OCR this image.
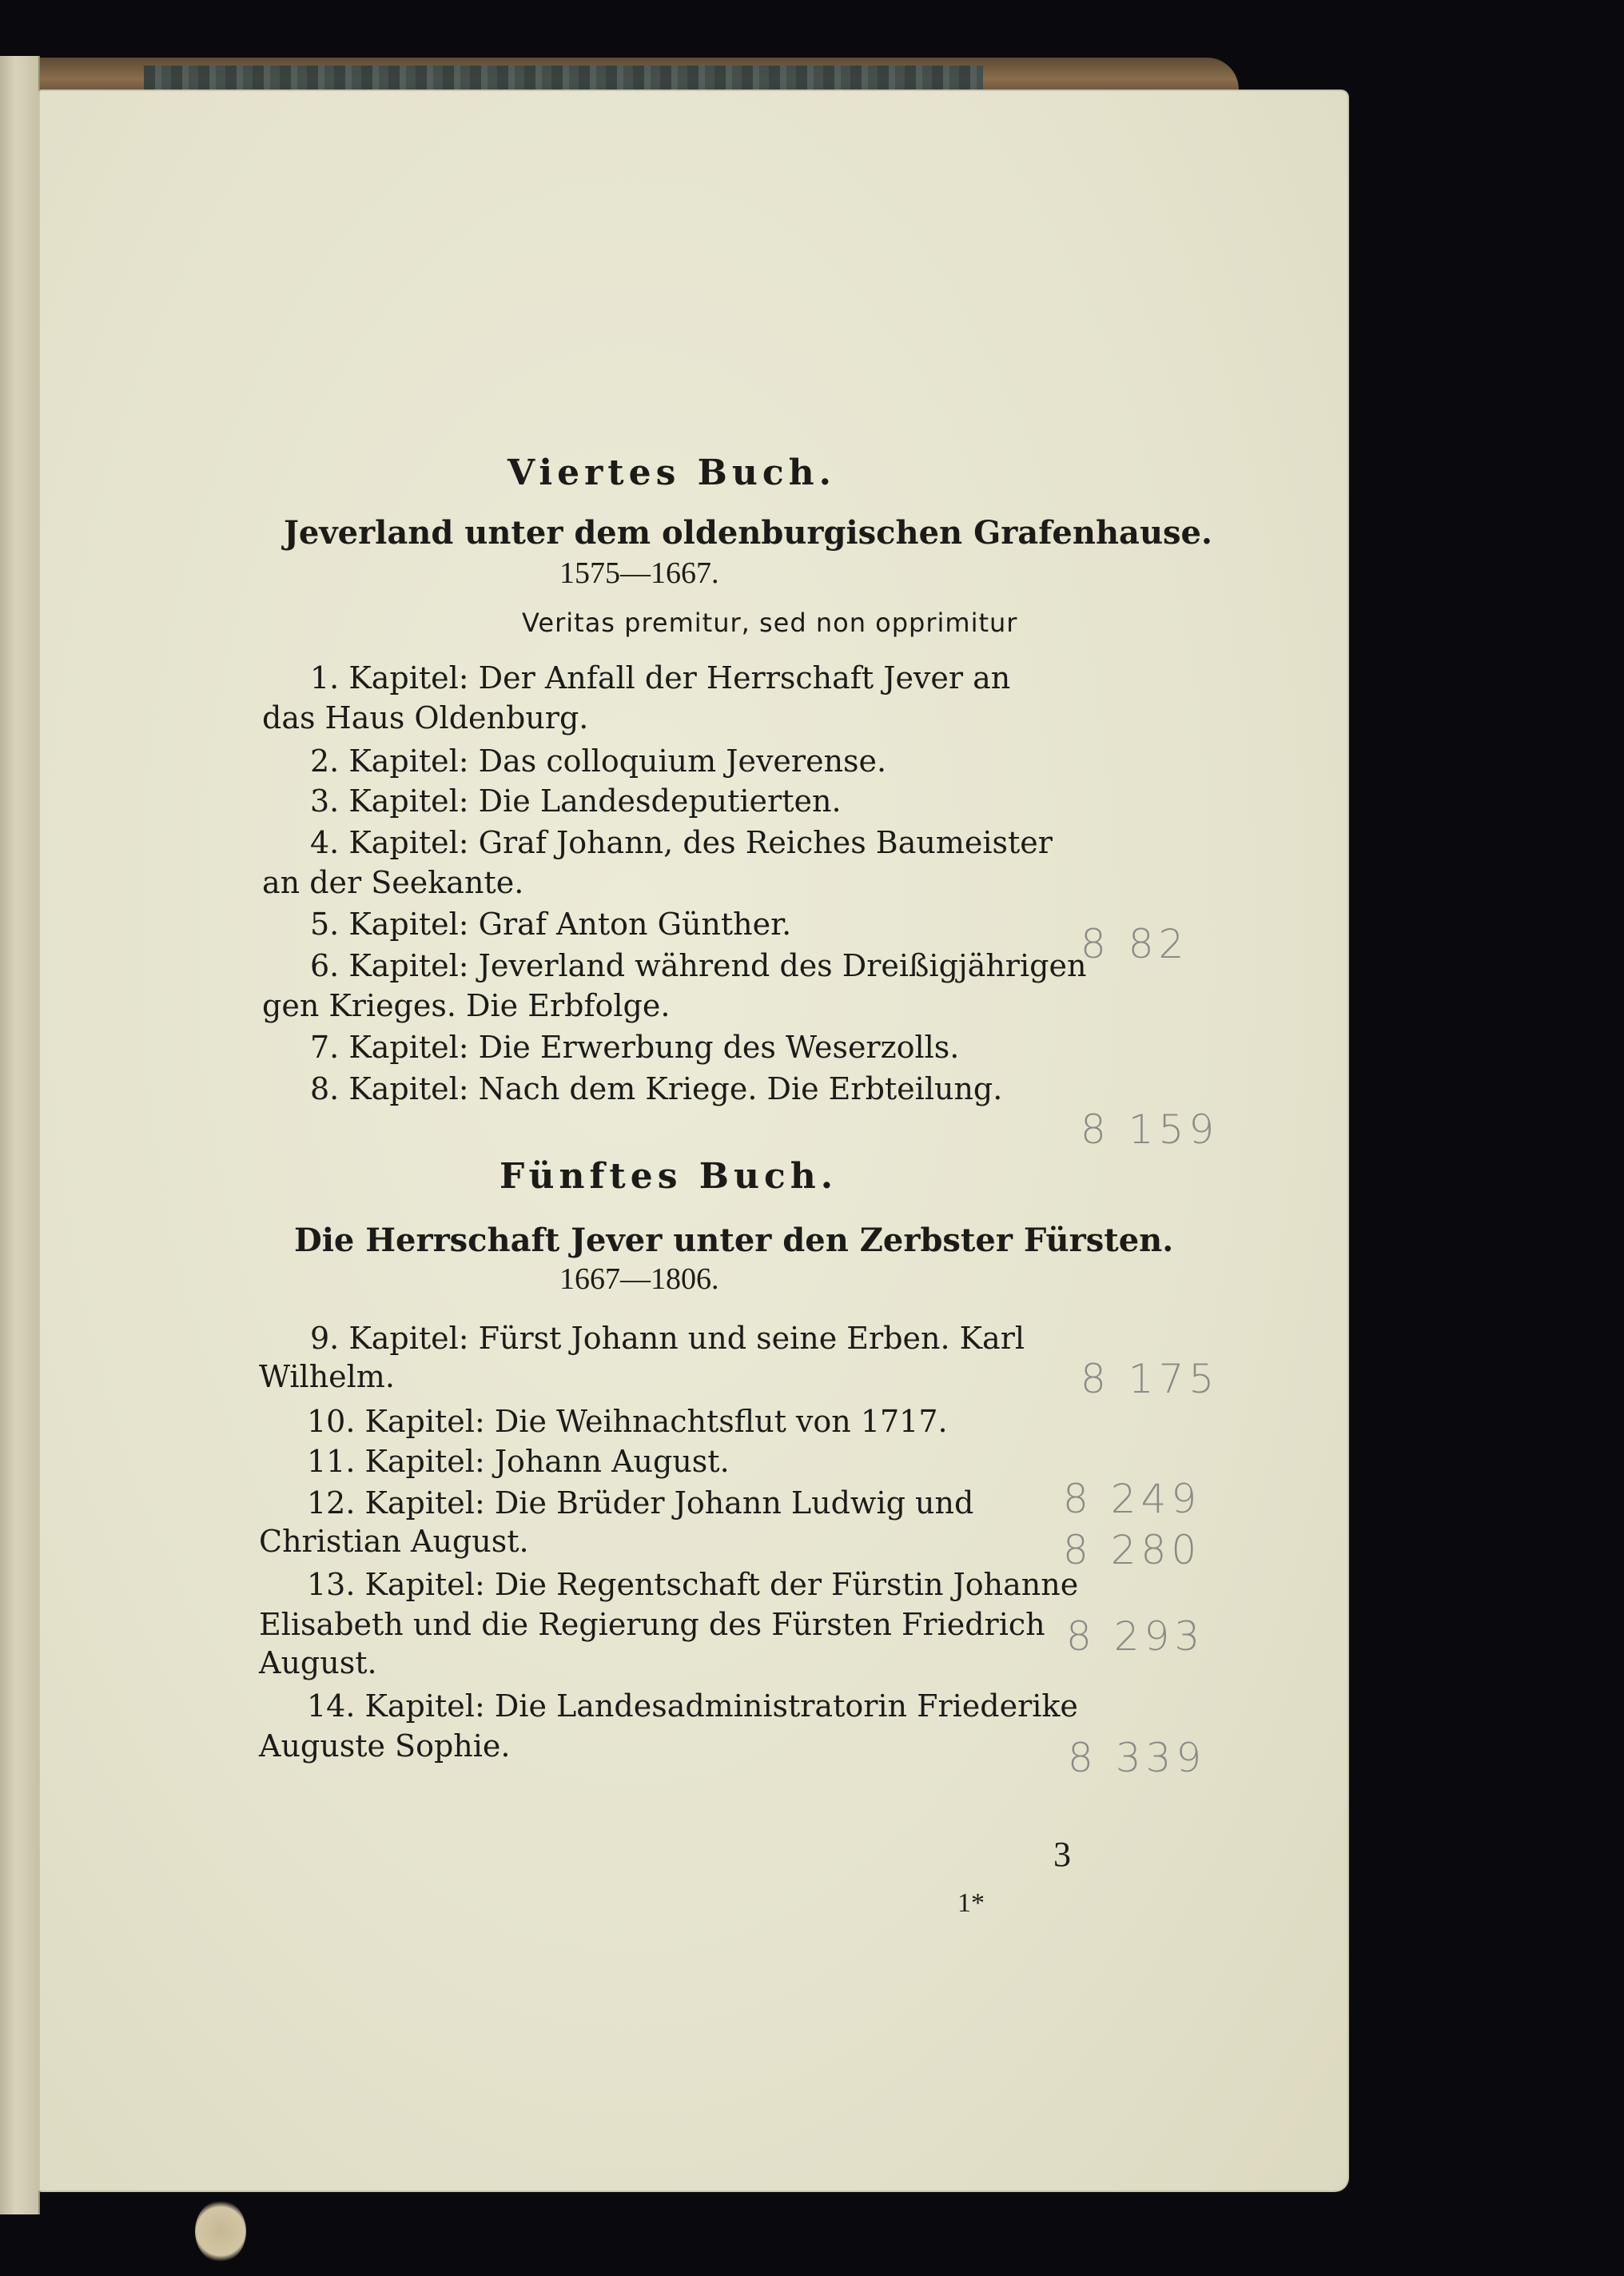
Viertes Buch.

Jeverland unter dem oldenburgischen Grafenhause.

1575—1667.

Veritas premitur, sed non opprimitur

1. Kapitel: Der Anfall der Herrschaft Jever an

das Haus Oldenburg.

2. Kapitel: Das colloquium Jeverense.

3. Kapitel: Die Landesdeputierten.

4. Kapitel: Graf Johann, des Reiches Baumeister

an der Seekante.

5. Kapitel: Graf Anton Günther.

6. Kapitel: Jeverland während des Dreißigjährigen

gen Krieges. Die Erbfolge.

7. Kapitel: Die Erwerbung des Weserzolls.

8. Kapitel: Nach dem Kriege. Die Erbteilung.

Fünftes Buch.

Die Herrschaft Jever unter den Zerbster Fürsten.

1667—1806.

9. Kapitel: Fürst Johann und seine Erben. Karl

Wilhelm.

10. Kapitel: Die Weihnachtsflut von 1717.

11. Kapitel: Johann August.

12. Kapitel: Die Brüder Johann Ludwig und

Christian August.

13. Kapitel: Die Regentschaft der Fürstin Johanne

Elisabeth und die Regierung des Fürsten Friedrich

August.

14. Kapitel: Die Landesadministratorin Friederike

Auguste Sophie.

8 82

8 159

8 175

8 249

8 280

8 293

8 339

3

1*
